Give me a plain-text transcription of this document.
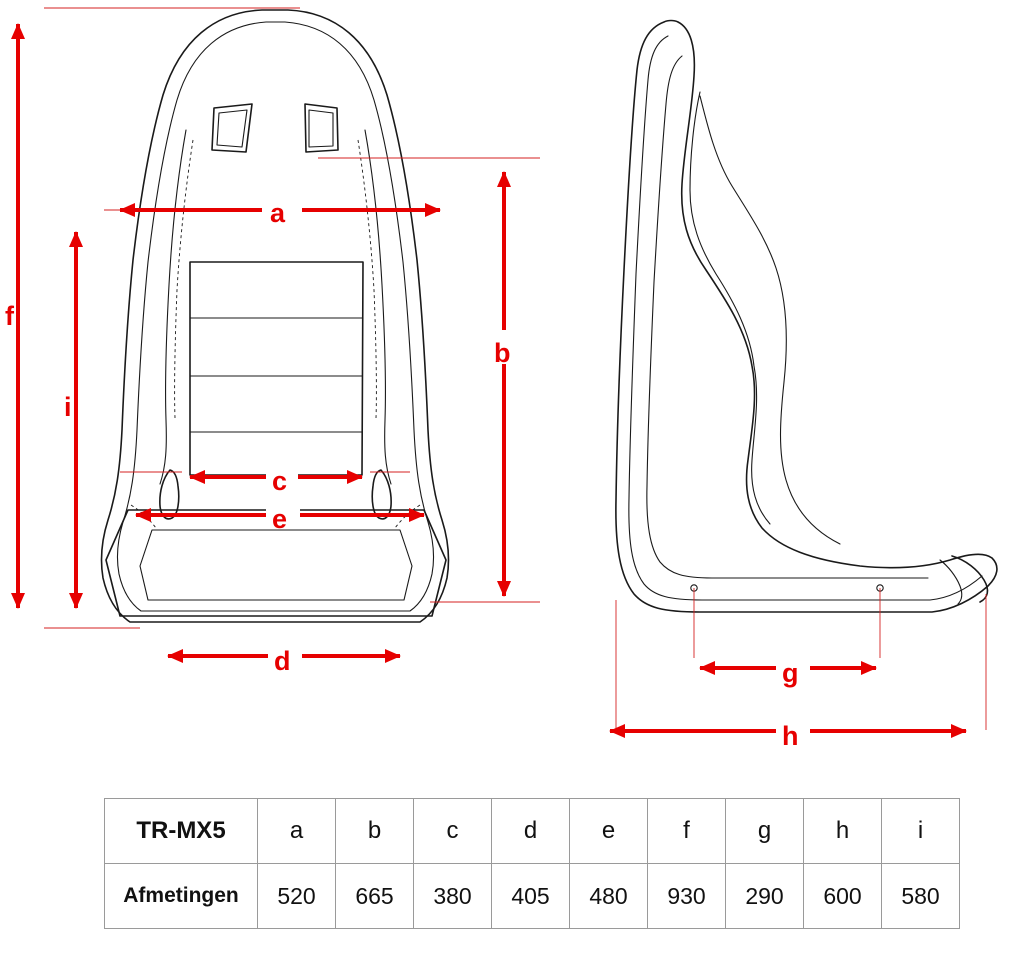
f
i
a
b
c
e
d	g
h
TR-MX5	a	b	c	d	e	f	g	h	i
Afmetingen	520	665	380	405	480	930	290	600	580
